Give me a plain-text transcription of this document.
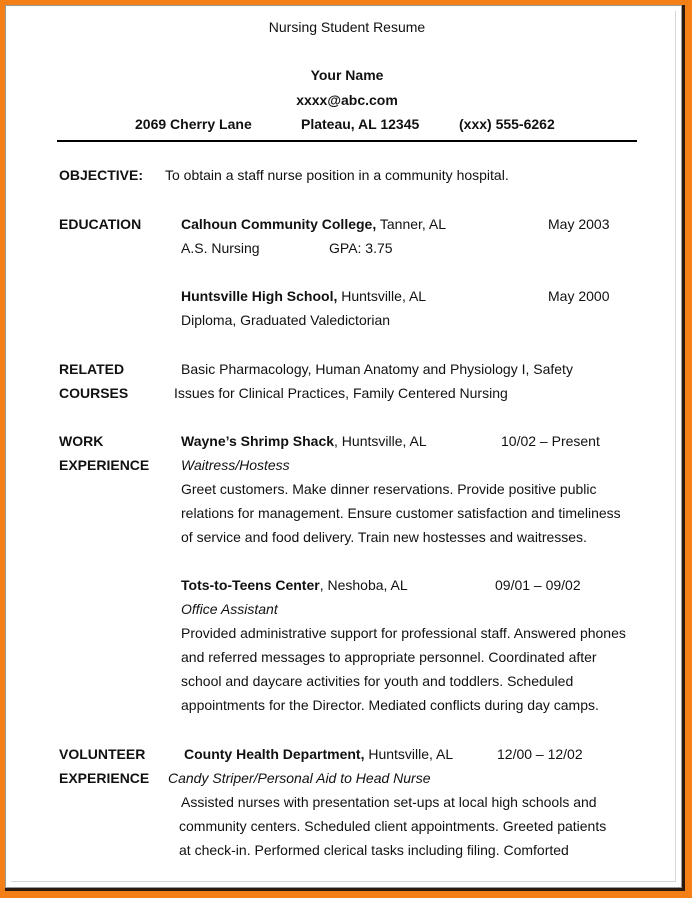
Nursing Student Resume
Your Name
xxxx@abc.com
2069 Cherry Lane	Plateau, AL 12345	(xxx) 555-6262
OBJECTIVE: To obtain a staff nurse position in a community hospital.
EDUCATION	Calhoun Community College, Tanner, AL	May 2003
A.S. Nursing	GPA: 3.75
Huntsville High School, Huntsville, AL	May 2000
Diploma, Graduated Valedictorian
RELATED
COURSES
Basic Pharmacology, Human Anatomy and Physiology I, Safety
Issues for Clinical Practices, Family Centered Nursing
WORK
EXPERIENCE
Wayne’s Shrimp Shack, Huntsville, AL	10/02 – Present
Waitress/Hostess
Greet customers. Make dinner reservations. Provide positive public
relations for management. Ensure customer satisfaction and timeliness
of service and food delivery. Train new hostesses and waitresses.
Tots-to-Teens Center, Neshoba, AL	09/01 – 09/02
Office Assistant
Provided administrative support for professional staff. Answered phones
and referred messages to appropriate personnel. Coordinated after
school and daycare activities for youth and toddlers. Scheduled
appointments for the Director. Mediated conflicts during day camps.
VOLUNTEER
EXPERIENCE
County Health Department, Huntsville, AL	12/00 – 12/02
Candy Striper/Personal Aid to Head Nurse
Assisted nurses with presentation set-ups at local high schools and
community centers. Scheduled client appointments. Greeted patients
at check-in. Performed clerical tasks including filing. Comforted
